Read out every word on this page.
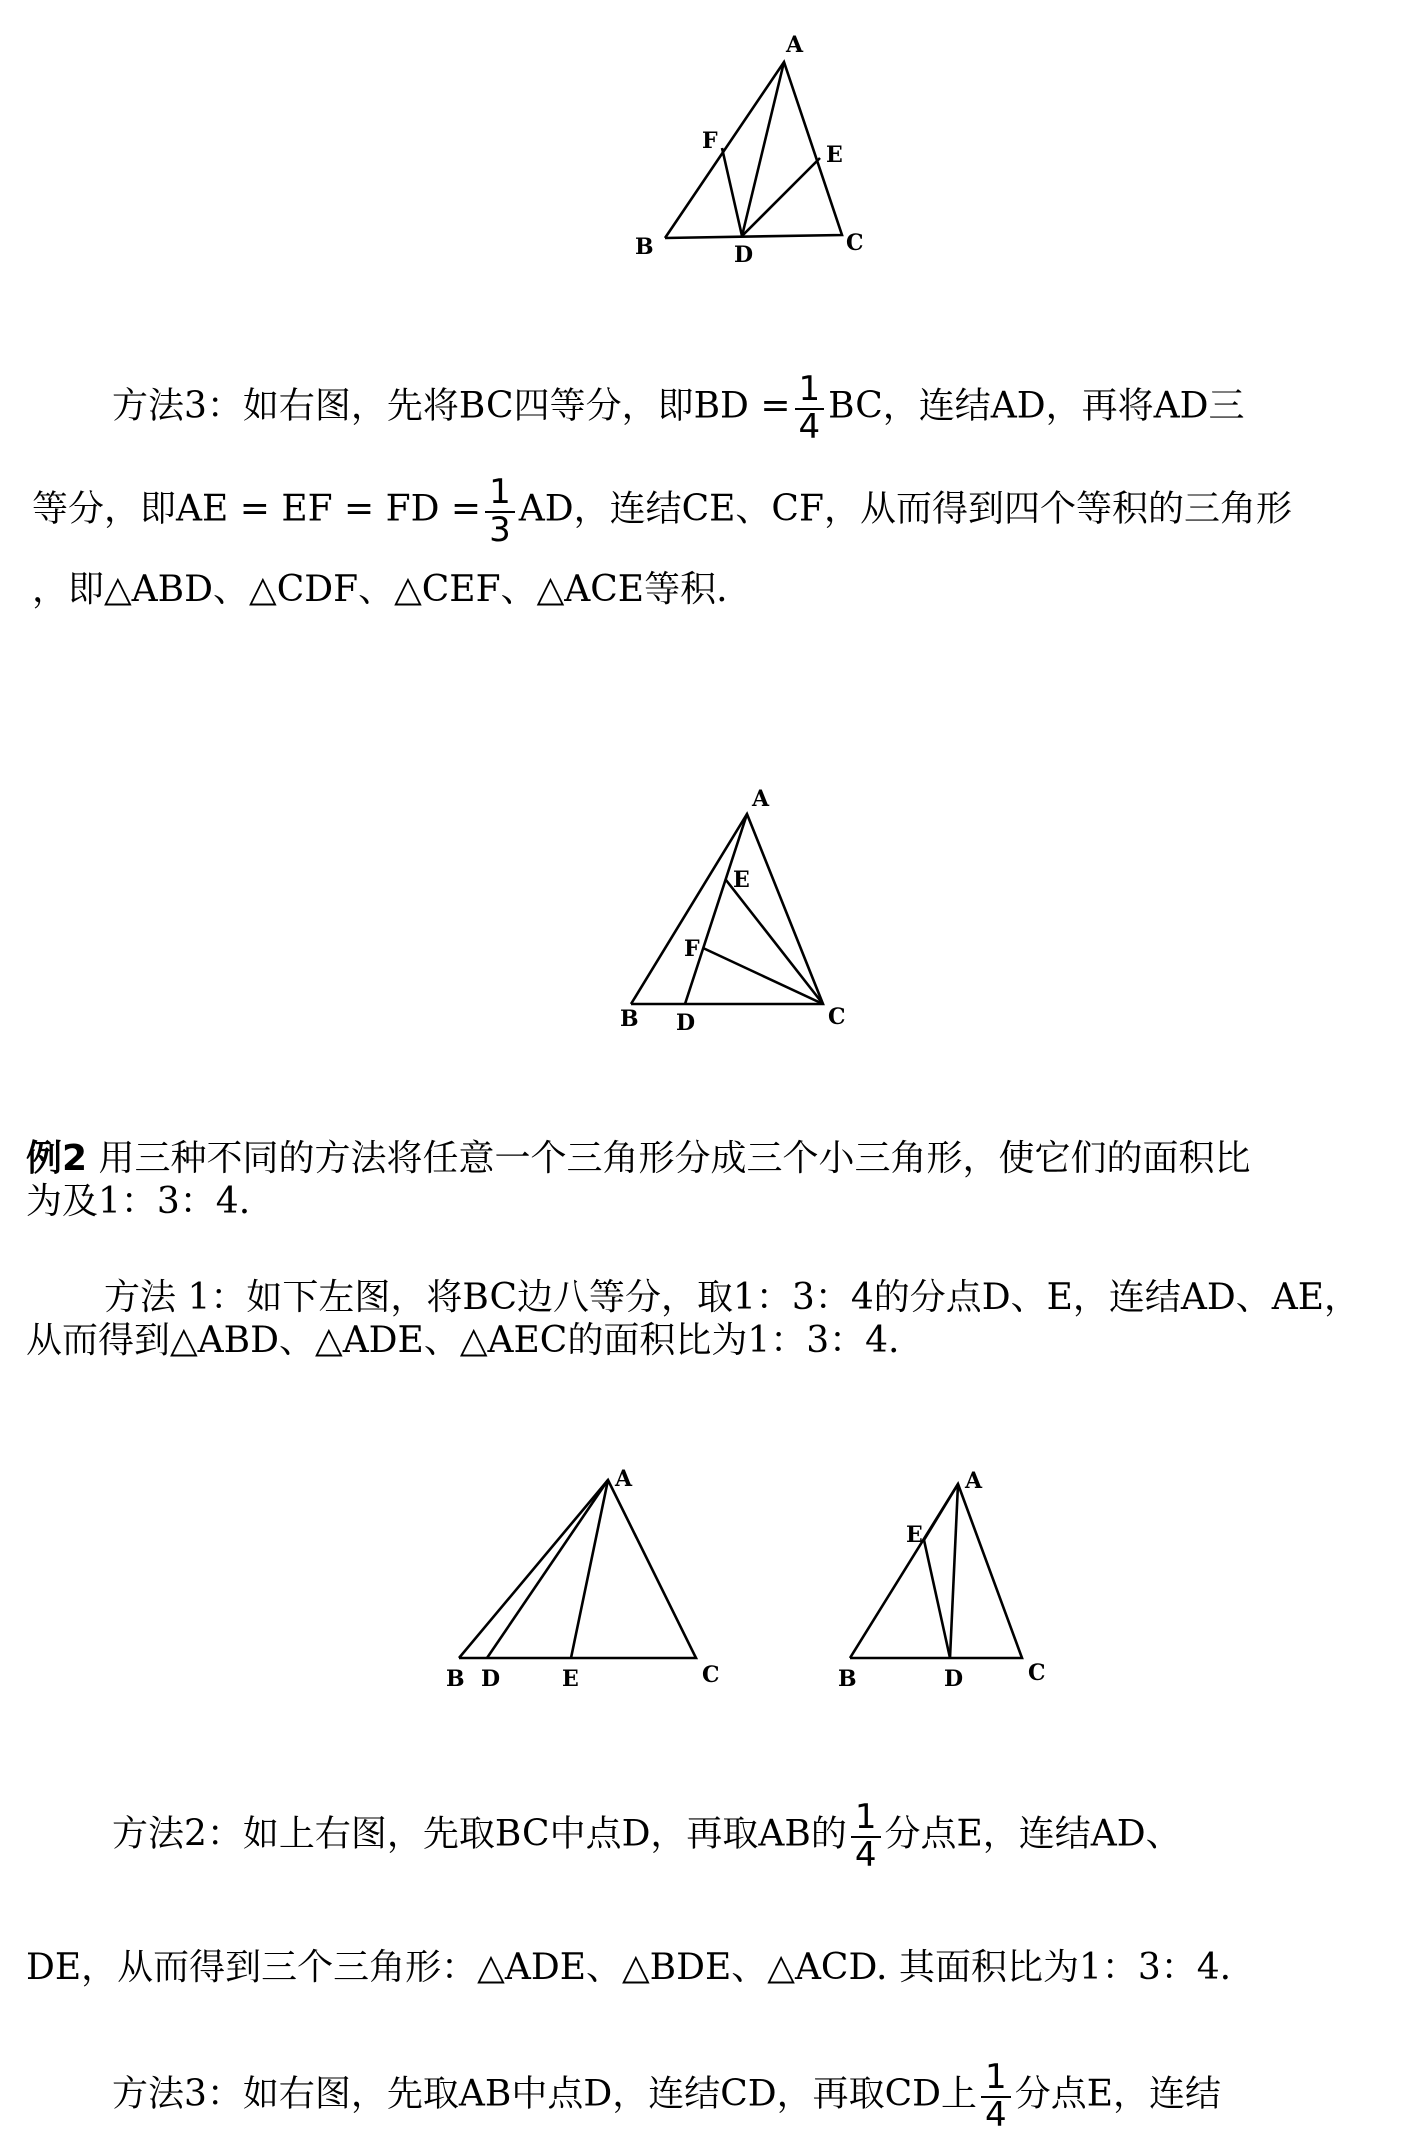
A
B	C
D
E
F
方法3：如右图，先将BC四等分，即BD = $\frac{1}{4}$ BC，连结AD，再将AD三
等分，即AE = EF = FD = $\frac{1}{3}$ AD，连结CE、CF，从而得到四个等积的三角形
，即△ABD、△CDF、△CEF、△ACE等积.
A
B	C
D
E
F
例2 用三种不同的方法将任意一个三角形分成三个小三角形，使它们的面积比
为及1：3：4.
方法 1：如下左图，将BC边八等分，取1：3：4的分点D、E，连结AD、AE，
从而得到△ABD、△ADE、△AEC的面积比为1：3：4.
A
B	C
D	E
A
B	C
D
E
方法2：如上右图，先取BC中点D，再取AB的 $\frac{1}{4}$ 分点E，连结AD、
DE，从而得到三个三角形：△ADE、△BDE、△ACD. 其面积比为1：3：4.
方法3：如右图，先取AB中点D，连结CD，再取CD上 $\frac{1}{4}$ 分点E，连结
